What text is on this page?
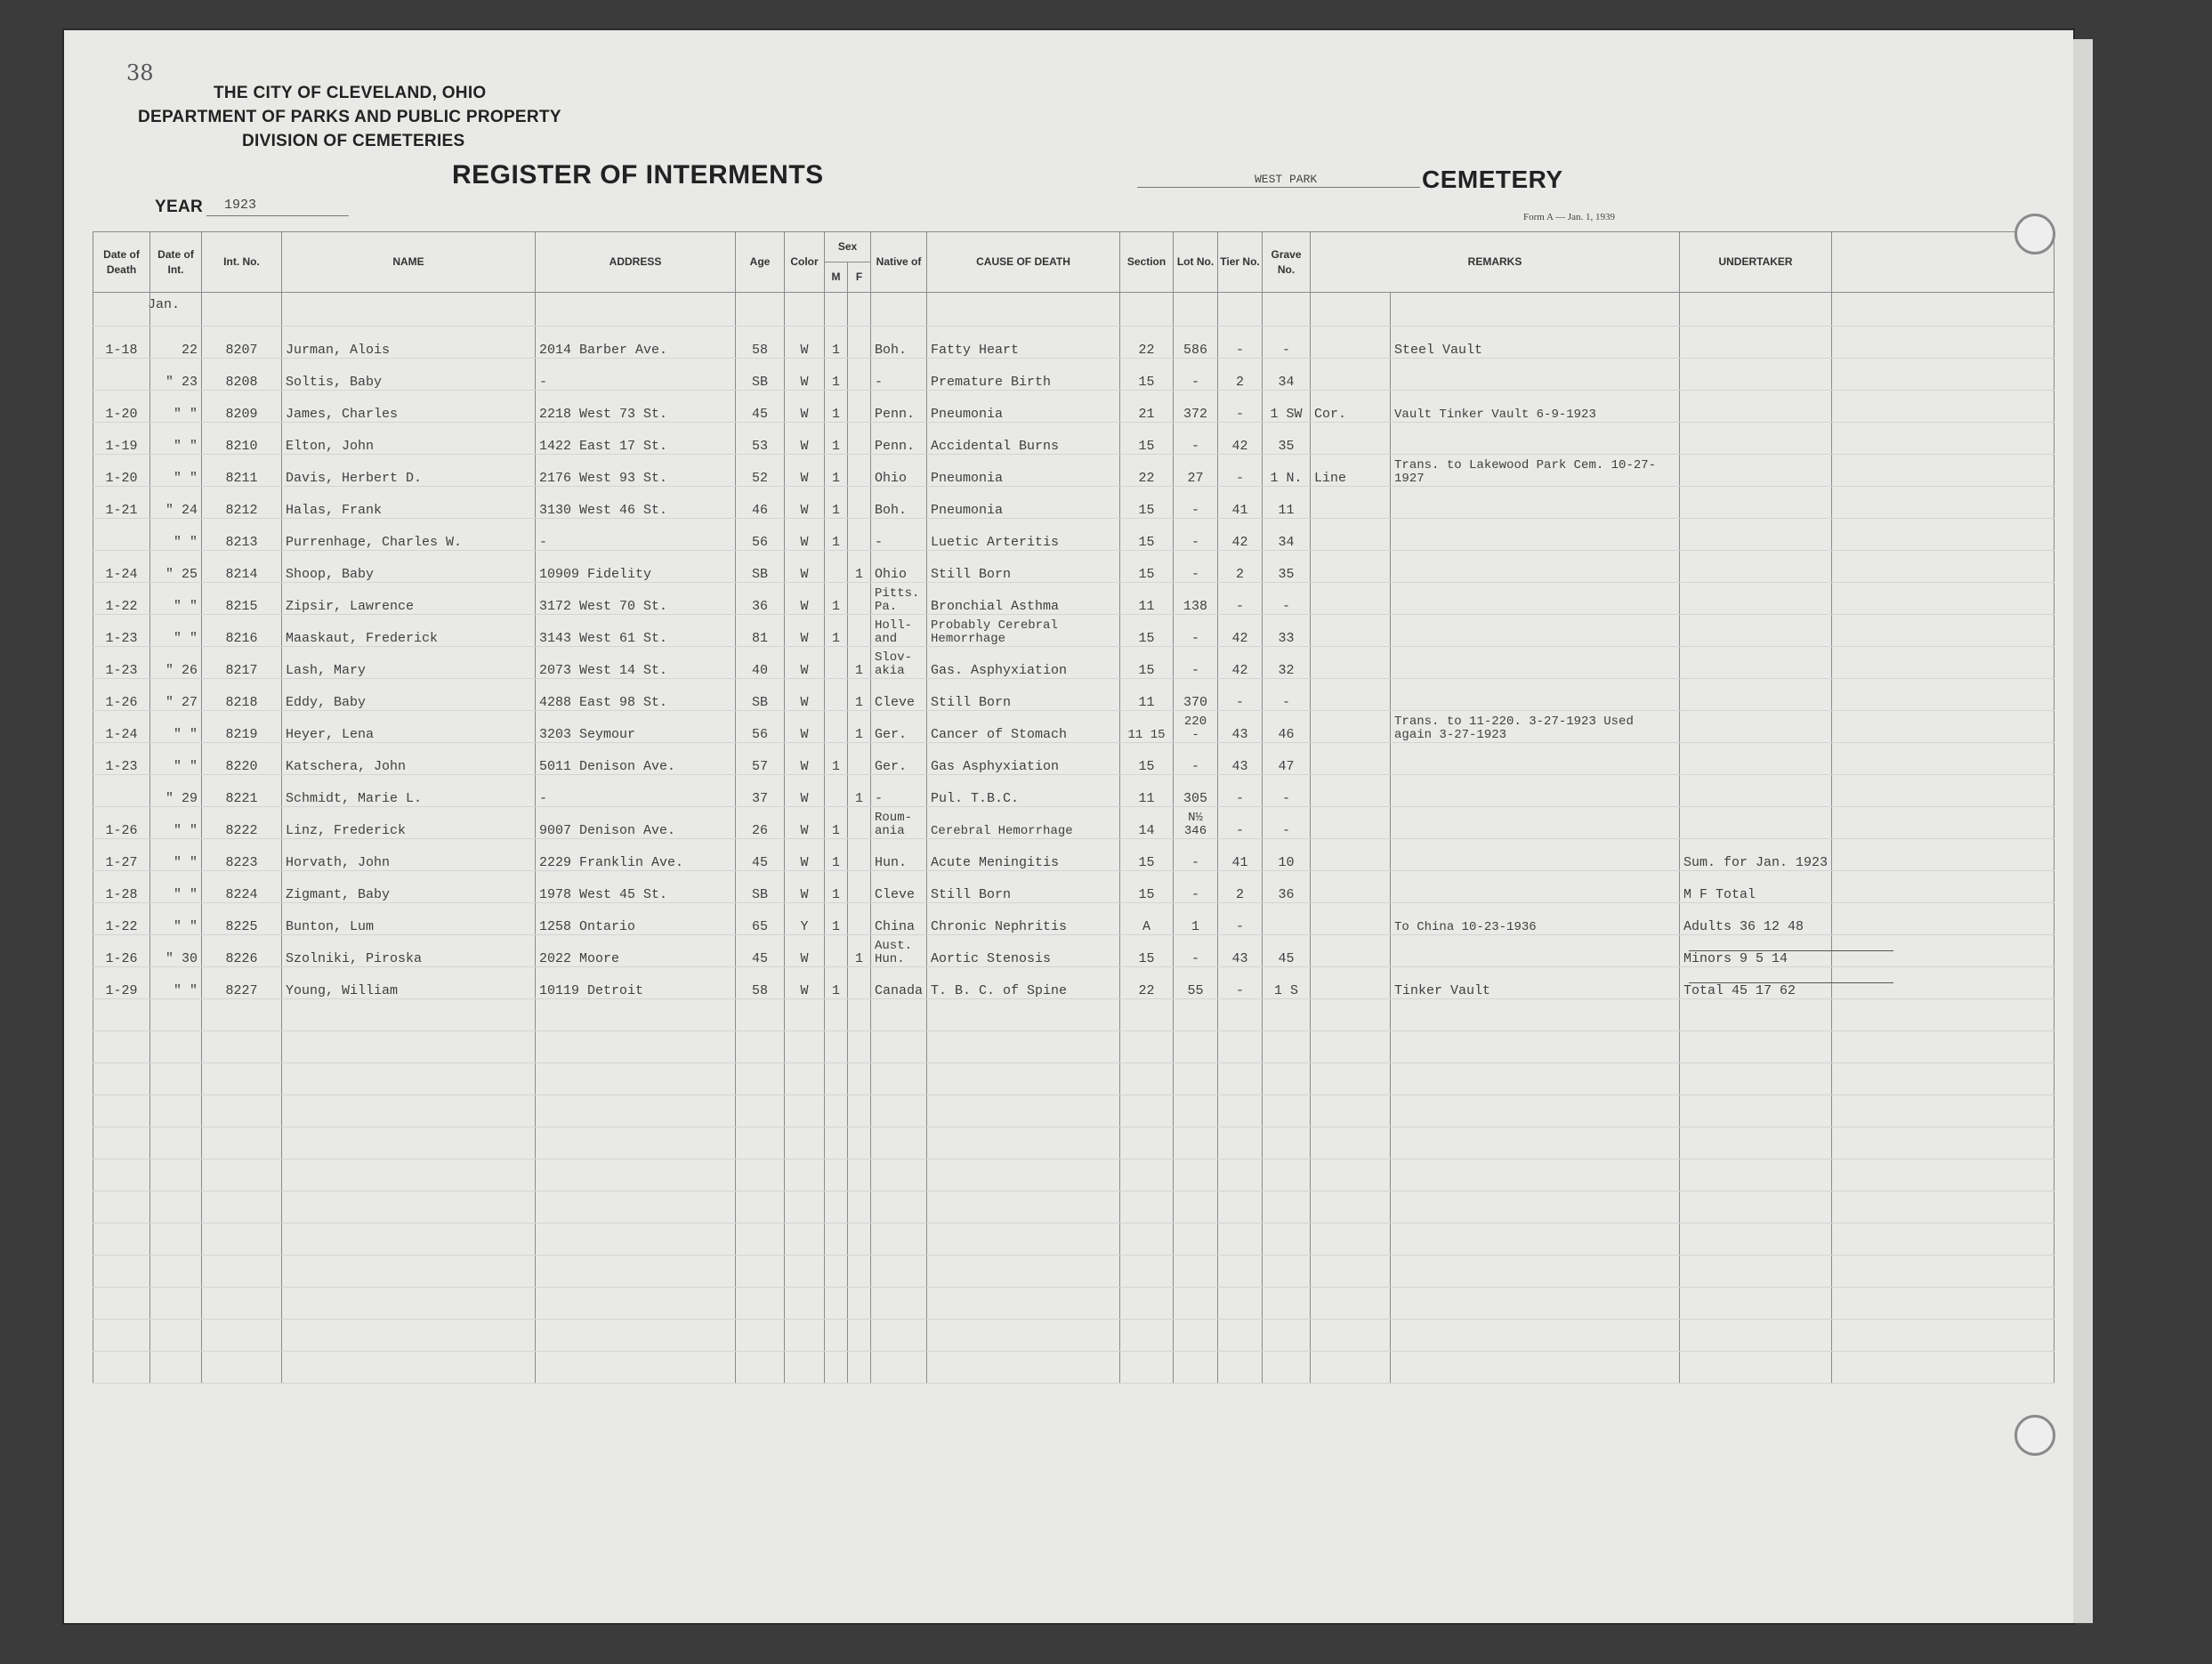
38
THE CITY OF CLEVELAND, OHIO
DEPARTMENT OF PARKS AND PUBLIC PROPERTY
DIVISION OF CEMETERIES
REGISTER OF INTERMENTS
YEAR 1923
WEST PARK	CEMETERY
Form A — Jan. 1, 1939
Jan.
Date of Death	Date of Int.	Int. No.	NAME	ADDRESS	Age	Color	Sex		Native of	CAUSE OF DEATH	Section	Lot No.	Tier No.	Grave No.	REMARKS		UNDERTAKER	
							M	F										

1-18	22	8207	Jurman, Alois	2014 Barber Ave.	58	W	1		Boh.	Fatty Heart	22	586	-	-		Steel Vault		
	" 23	8208	Soltis, Baby	-	SB	W	1		-	Premature Birth	15	-	2	34				
1-20	" "	8209	James, Charles	2218 West 73 St.	45	W	1		Penn.	Pneumonia	21	372	-	1 SW	Cor.	Vault Tinker Vault 6-9-1923		
1-19	" "	8210	Elton, John	1422 East 17 St.	53	W	1		Penn.	Accidental Burns	15	-	42	35				
1-20	" "	8211	Davis, Herbert D.	2176 West 93 St.	52	W	1		Ohio	Pneumonia	22	27	-	1 N.	Line	Trans. to Lakewood Park Cem. 10-27-1927		
1-21	" 24	8212	Halas, Frank	3130 West 46 St.	46	W	1		Boh.	Pneumonia	15	-	41	11				
	" "	8213	Purrenhage, Charles W.	-	56	W	1		-	Luetic Arteritis	15	-	42	34				
1-24	" 25	8214	Shoop, Baby	10909 Fidelity	SB	W		1	Ohio	Still Born	15	-	2	35				
1-22	" "	8215	Zipsir, Lawrence	3172 West 70 St.	36	W	1		Pitts. Pa.	Bronchial Asthma	11	138	-	-				
1-23	" "	8216	Maaskaut, Frederick	3143 West 61 St.	81	W	1		Holl- and	Probably Cerebral Hemorrhage	15	-	42	33				
1-23	" 26	8217	Lash, Mary	2073 West 14 St.	40	W		1	Slov- akia	Gas. Asphyxiation	15	-	42	32				
1-26	" 27	8218	Eddy, Baby	4288 East 98 St.	SB	W		1	Cleve	Still Born	11	370	-	-				
1-24	" "	8219	Heyer, Lena	3203 Seymour	56	W		1	Ger.	Cancer of Stomach	11 15	220 -	43	46		Trans. to 11-220. 3-27-1923 Used again 3-27-1923		
1-23	" "	8220	Katschera, John	5011 Denison Ave.	57	W	1		Ger.	Gas Asphyxiation	15	-	43	47				
	" 29	8221	Schmidt, Marie L.	-	37	W		1	-	Pul. T.B.C.	11	305	-	-				
1-26	" "	8222	Linz, Frederick	9007 Denison Ave.	26	W	1		Roum- ania	Cerebral Hemorrhage	14	N½ 346	-	-				
1-27	" "	8223	Horvath, John	2229 Franklin Ave.	45	W	1		Hun.	Acute Meningitis	15	-	41	10			Sum. for Jan. 1923	
1-28	" "	8224	Zigmant, Baby	1978 West 45 St.	SB	W	1		Cleve	Still Born	15	-	2	36			M F Total	
1-22	" "	8225	Bunton, Lum	1258 Ontario	65	Y	1		China	Chronic Nephritis	A	1	-			To China 10-23-1936	Adults 36 12 48	
1-26	" 30	8226	Szolniki, Piroska	2022 Moore	45	W		1	Aust. Hun.	Aortic Stenosis	15	-	43	45			Minors 9 5 14	
1-29	" "	8227	Young, William	10119 Detroit	58	W	1		Canada	T. B. C. of Spine	22	55	-	1 S		Tinker Vault	Total 45 17 62	
